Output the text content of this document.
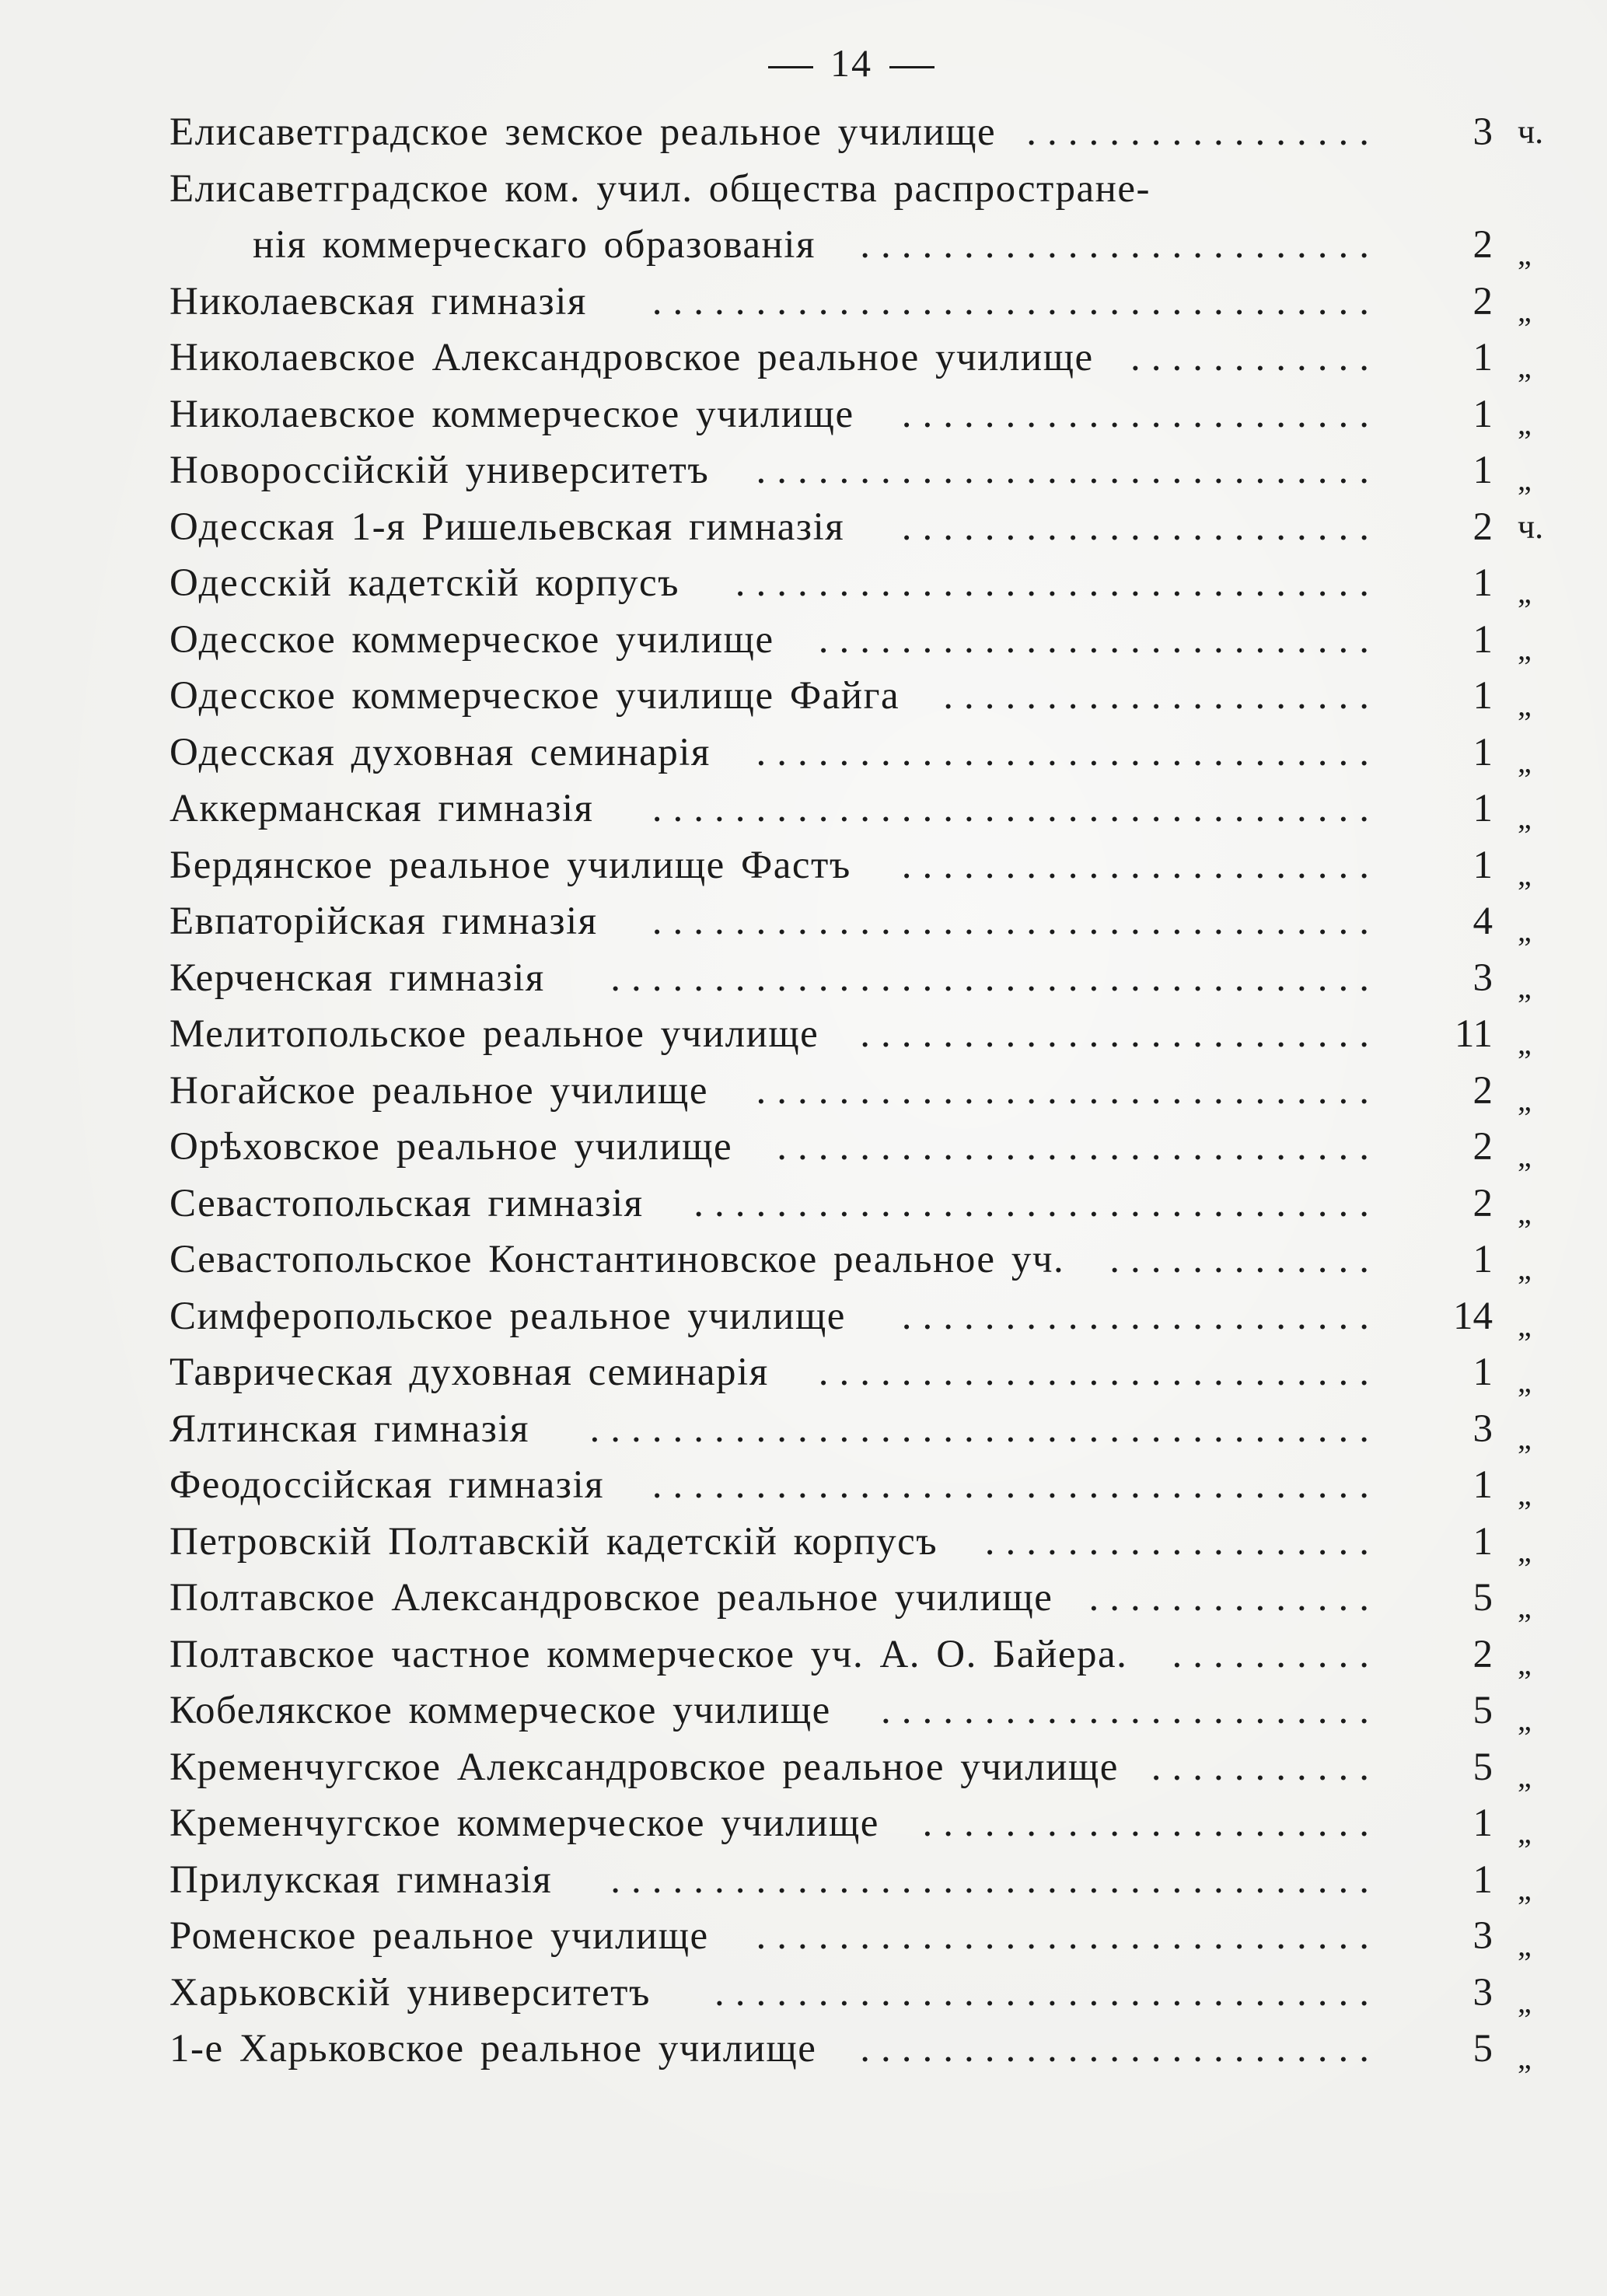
14
Елисаветградское земское реальное училище .................	3 ч.
Елисаветградское ком. учил. общества распростране-
нія коммерческаго образованія .........................	2 „
Николаевская гимназія ...................................	2 „
Николаевское Александровское реальное училище ............	1 „
Николаевское коммерческое училище .......................	1 „
Новороссійскій университетъ ..............................	1 „
Одесская 1-я Ришельевская гимназія .......................	2 ч.
Одесскій кадетскій корпусъ ...............................	1 „
Одесское коммерческое училище ...........................	1 „
Одесское коммерческое училище Файга .....................	1 „
Одесская духовная семинарія ..............................	1 „
Аккерманская гимназія ...................................	1 „
Бердянское реальное училище Фастъ .......................	1 „
Евпаторійская гимназія ...................................	4 „
Керченская гимназія .....................................	3 „
Мелитопольское реальное училище .........................	11 „
Ногайское реальное училище ..............................	2 „
Орѣховское реальное училище .............................	2 „
Севастопольская гимназія .................................	2 „
Севастопольское Константиновское реальное уч. .............	1 „
Симферопольское реальное училище .......................	14 „
Таврическая духовная семинарія ...........................	1 „
Ялтинская гимназія ......................................	3 „
Феодоссійская гимназія ...................................	1 „
Петровскій Полтавскій кадетскій корпусъ ...................	1 „
Полтавское Александровское реальное училище ..............	5 „
Полтавское частное коммерческое уч. А. О. Байера. ..........	2 „
Кобелякское коммерческое училище ........................	5 „
Кременчугское Александровское реальное училище ...........	5 „
Кременчугское коммерческое училище ......................	1 „
Прилукская гимназія .....................................	1 „
Роменское реальное училище ..............................	3 „
Харьковскій университетъ ................................	3 „
1-е Харьковское реальное училище .........................	5 „
